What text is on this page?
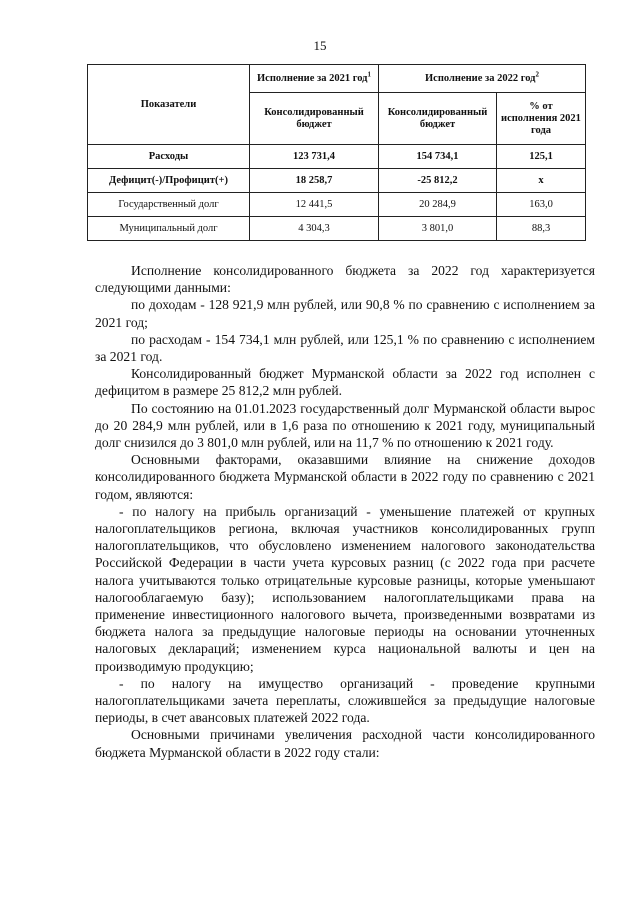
15
Показатели	Исполнение за 2021 год$^1$	Исполнение за 2022 год$^2$
	Консолидированный бюджет	Консолидированный бюджет	% от исполнения 2021 года
Расходы	123 731,4	154 734,1	125,1
Дефицит(-)/Профицит(+)	18 258,7	-25 812,2	х
Государственный долг	12 441,5	20 284,9	163,0
Муниципальный долг	4 304,3	3 801,0	88,3

Исполнение консолидированного бюджета за 2022 год характеризуется следующими данными:

по доходам - 128 921,9 млн рублей, или 90,8 % по сравнению с исполнением за 2021 год;

по расходам - 154 734,1 млн рублей, или 125,1 % по сравнению с исполнением за 2021 год.

Консолидированный бюджет Мурманской области за 2022 год исполнен с дефицитом в размере 25 812,2 млн рублей.

По состоянию на 01.01.2023 государственный долг Мурманской области вырос до 20 284,9 млн рублей, или в 1,6 раза по отношению к 2021 году, муниципальный долг снизился до 3 801,0 млн рублей, или на 11,7 % по отношению к 2021 году.

Основными факторами, оказавшими влияние на снижение доходов консолидированного бюджета Мурманской области в 2022 году по сравнению с 2021 годом, являются:

- по налогу на прибыль организаций - уменьшение платежей от крупных налогоплательщиков региона, включая участников консолидированных групп налогоплательщиков, что обусловлено изменением налогового законодательства Российской Федерации в части учета курсовых разниц (с 2022 года при расчете налога учитываются только отрицательные курсовые разницы, которые уменьшают налогооблагаемую базу); использованием налогоплательщиками права на применение инвестиционного налогового вычета, произведенными возвратами из бюджета налога за предыдущие налоговые периоды на основании уточненных налоговых деклараций; изменением курса национальной валюты и цен на производимую продукцию;

- по налогу на имущество организаций - проведение крупными налогоплательщиками зачета переплаты, сложившейся за предыдущие налоговые периоды, в счет авансовых платежей 2022 года.

Основными причинами увеличения расходной части консолидированного бюджета Мурманской области в 2022 году стали:
